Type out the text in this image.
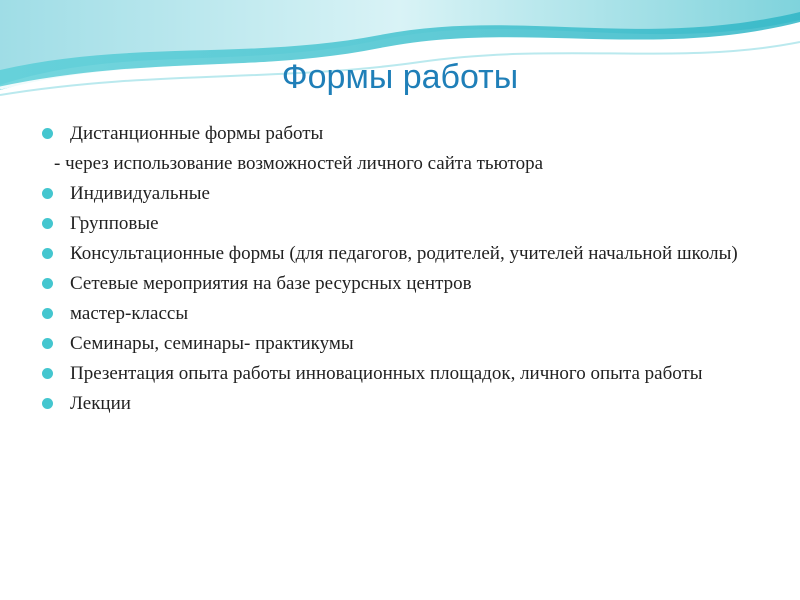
Формы работы
Дистанционные формы работы
- через использование возможностей личного сайта тьютора
Индивидуальные
Групповые
Консультационные формы (для педагогов, родителей, учителей начальной школы)
Сетевые мероприятия на базе ресурсных центров
мастер-классы
Семинары, семинары- практикумы
Презентация опыта работы инновационных площадок, личного опыта работы
Лекции
